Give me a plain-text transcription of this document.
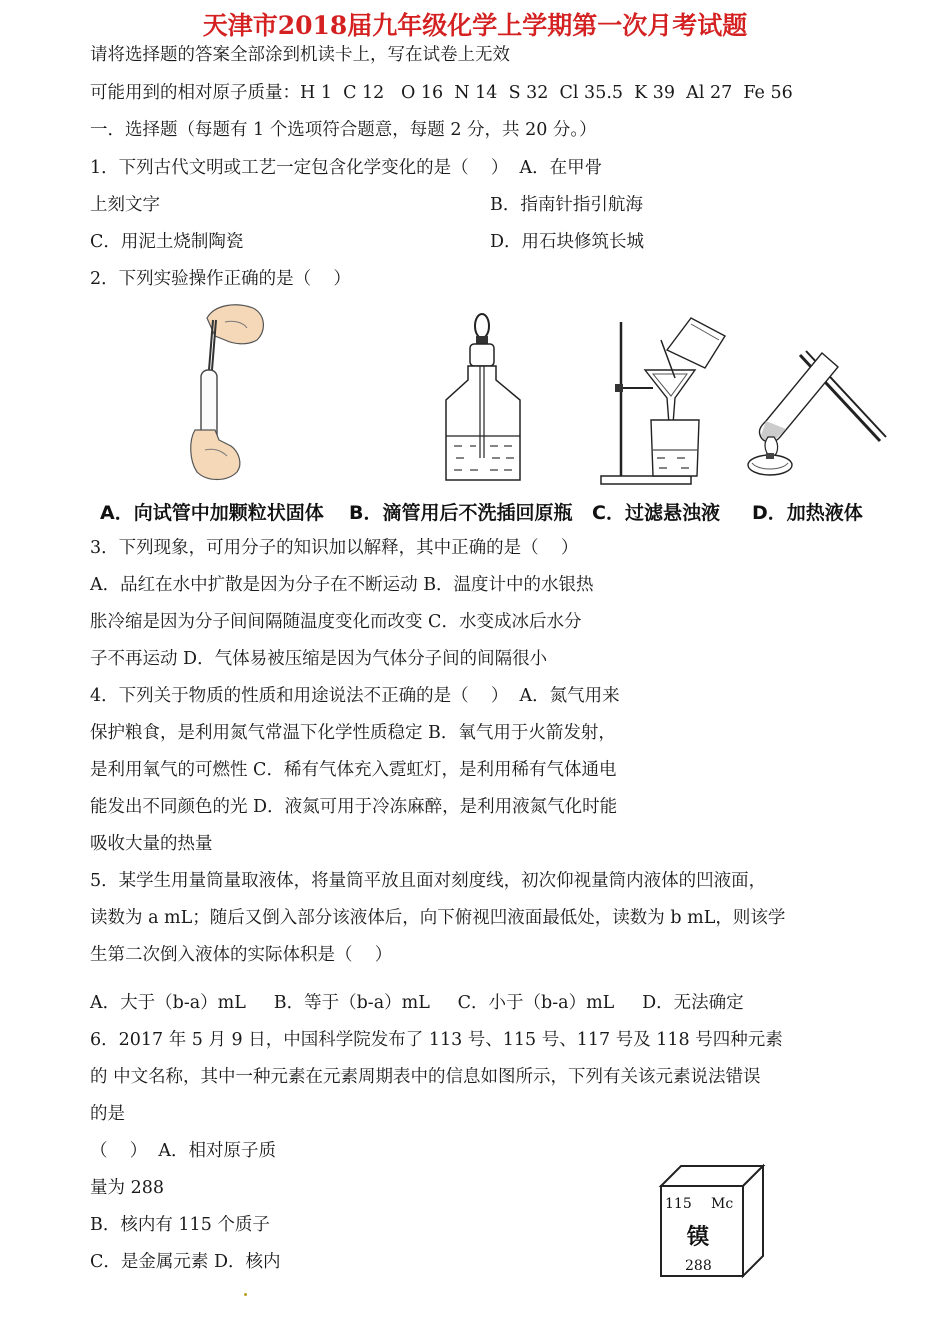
天津市2018届九年级化学上学期第一次月考试题
请将选择题的答案全部涂到机读卡上，写在试卷上无效
可能用到的相对原子质量：H 1  C 12   O 16  N 14  S 32  Cl 35.5  K 39  Al 27  Fe 56
一．选择题（每题有 1 个选项符合题意，每题 2 分，共 20 分。）
1．下列古代文明或工艺一定包含化学变化的是（    ）  A．在甲骨
上刻文字	B．指南针指引航海
C．用泥土烧制陶瓷	D．用石块修筑长城
2．下列实验操作正确的是（    ）
A．向试管中加颗粒状固体 B．滴管用后不洗插回原瓶 C．过滤悬浊液 D．加热液体
3．下列现象，可用分子的知识加以解释，其中正确的是（    ）
A．品红在水中扩散是因为分子在不断运动 B．温度计中的水银热
胀冷缩是因为分子间间隔随温度变化而改变 C．水变成冰后水分
子不再运动 D．气体易被压缩是因为气体分子间的间隔很小
4．下列关于物质的性质和用途说法不正确的是（    ）  A．氮气用来
保护粮食，是利用氮气常温下化学性质稳定 B．氧气用于火箭发射，
是利用氧气的可燃性 C．稀有气体充入霓虹灯，是利用稀有气体通电
能发出不同颜色的光 D．液氮可用于冷冻麻醉，是利用液氮气化时能
吸收大量的热量
5．某学生用量筒量取液体，将量筒平放且面对刻度线，初次仰视量筒内液体的凹液面，
读数为 a mL；随后又倒入部分该液体后，向下俯视凹液面最低处，读数为 b mL，则该学
生第二次倒入液体的实际体积是（    ）
A．大于（b-a）mL     B．等于（b-a）mL     C．小于（b-a）mL     D．无法确定
6．2017 年 5 月 9 日，中国科学院发布了 113 号、115 号、117 号及 118 号四种元素
的 中文名称，其中一种元素在元素周期表中的信息如图所示，下列有关该元素说法错误
的是
（    ）  A．相对原子质
量为 288
B．核内有 115 个质子
C．是金属元素 D．核内
115 Mc
镆
288
